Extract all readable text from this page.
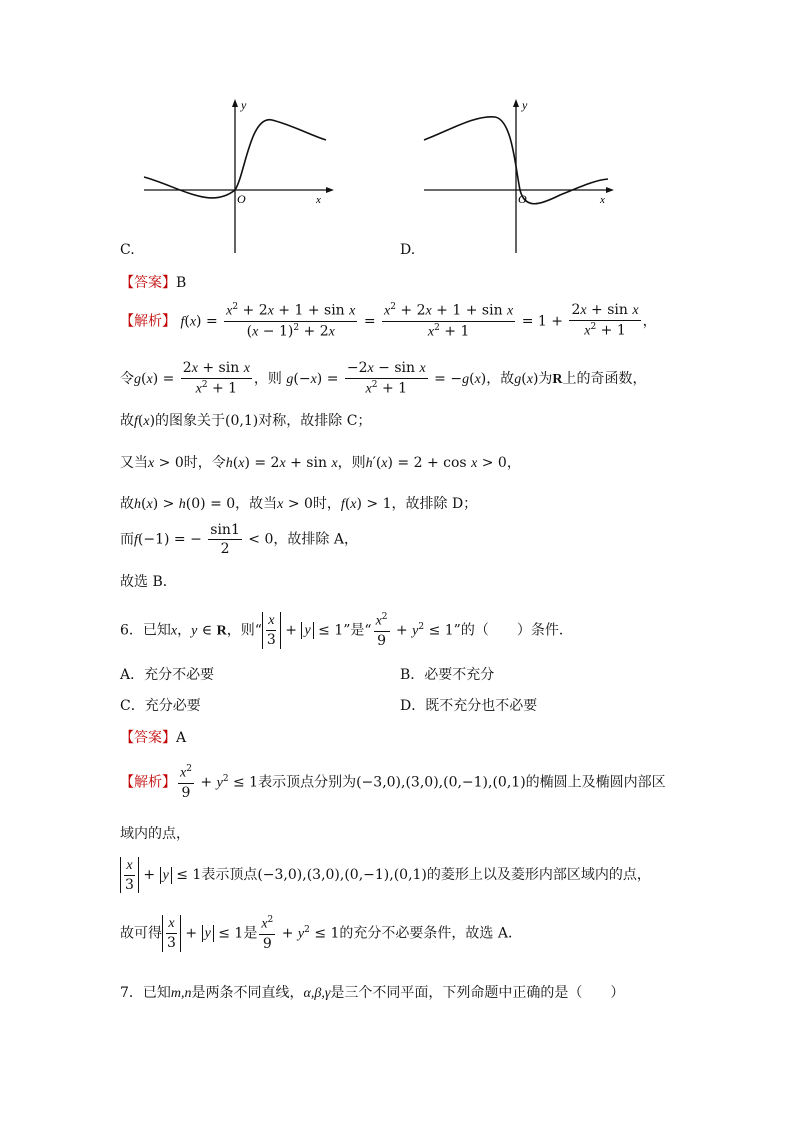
y
x
O
C.
y
x
O
D.
【答案】B
【解析】 $f(x) = \frac{x^2 + 2x + 1 + \sin x}{(x - 1)^2 + 2x} = \frac{x^2 + 2x + 1 + \sin x}{x^2 + 1} = 1 + \frac{\text{2x + sin x}}{x^2 + 1}$ ，
令$g(x) = \frac{\text{2x + sin x}}{x^2 + 1}$ ，则 $g(-x) = \frac{\text{−2x − sin x}}{x^2 + 1} = -g(x)$，故g(x)为R上的奇函数，
故f(x)的图象关于(0,1)对称，故排除 C；
又当x > 0时，令h(x) = 2x + sin x，则h′(x) = 2 + cos x > 0，
故h(x) > h(0) = 0，故当x > 0时，f(x) > 1，故排除 D；
而f(−1) = − $\frac{\sin 1}{2} < 0$，故排除 A，
故选 B．
6．已知x，y ∈ R，则“ $\frac{x}{3} + y \le 1$”是“ $\frac{x^2}{9} + y^2 \le 1$”的（　　）条件．
A．充分不必要	B．必要不充分
C．充分必要	D．既不充分也不必要
【答案】A
【解析】 $\frac{x^2}{9} + y^2 \le 1$表示顶点分别为(−3,0),(3,0),(0,−1),(0,1)的椭圆上及椭圆内部区
域内的点，
$\frac{x}{3} + y \le 1$表示顶点(−3,0),(3,0),(0,−1),(0,1)的菱形上以及菱形内部区域内的点，
故可得 $\frac{x}{3} + y \le 1$是 $\frac{x^2}{9} + y^2 \le 1$的充分不必要条件，故选 A．
7．已知m,n是两条不同直线，α,β,γ是三个不同平面，下列命题中正确的是（　　）
